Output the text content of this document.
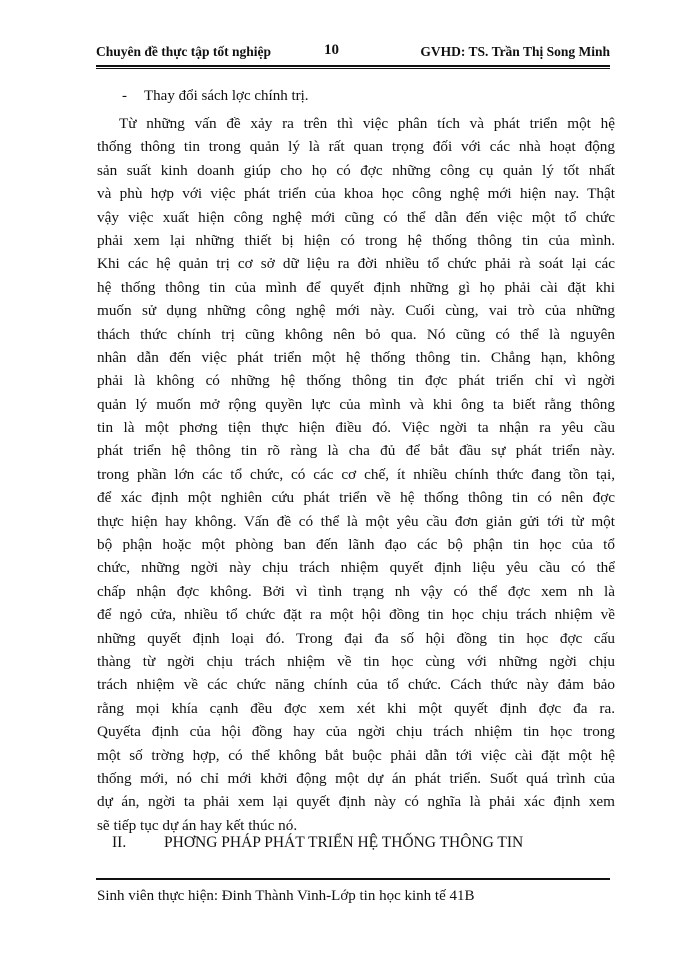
Chuyên đề thực tập tốt nghiệp	10	GVHD: TS. Trần Thị Song Minh
- Thay đổi sách lợc chính trị.
Từ những vấn đề xảy ra trên thì việc phân tích và phát triển một hệ
thống thông tin trong quản lý là rất quan trọng đối với các nhà hoạt động
sản suất kinh doanh giúp cho họ có đợc những công cụ quản lý tốt nhất
và phù hợp với việc phát triển của khoa học công nghệ mới hiện nay. Thật
vậy việc xuất hiện công nghệ mới cũng có thể dẫn đến việc một tổ chức
phải xem lại những thiết bị hiện có trong hệ thống thông tin của mình.
Khi các hệ quản trị cơ sở dữ liệu ra đời nhiều tổ chức phải rà soát lại các
hệ thống thông tin của mình để quyết định những gì họ phải cài đặt khi
muốn sử dụng những công nghệ mới này. Cuối cùng, vai trò của những
thách thức chính trị cũng không nên bỏ qua. Nó cũng có thể là nguyên
nhân dẫn đến việc phát triển một hệ thống thông tin. Chẳng hạn, không
phải là không có những hệ thống thông tin đợc phát triển chỉ vì ngời
quản lý muốn mở rộng quyền lực của mình và khi ông ta biết rằng thông
tin là một phơng tiện thực hiện điều đó. Việc ngời ta nhận ra yêu cầu
phát triển hệ thông tin rõ ràng là cha đủ để bắt đầu sự phát triển này.
trong phần lớn các tổ chức, có các cơ chế, ít nhiều chính thức đang tồn tại,
để xác định một nghiên cứu phát triển về hệ thống thông tin có nên đợc
thực hiện hay không. Vấn đề có thể là một yêu cầu đơn giản gửi tới từ một
bộ phận hoặc một phòng ban đến lãnh đạo các bộ phận tin học của tổ
chức, những ngời này chịu trách nhiệm quyết định liệu yêu cầu có thể
chấp nhận đợc không. Bởi vì tình trạng nh vậy có thể đợc xem nh là
để ngỏ cửa, nhiều tổ chức đặt ra một hội đồng tin học chịu trách nhiệm về
những quyết định loại đó. Trong đại đa số hội đồng tin học đợc cấu
thàng từ ngời chịu trách nhiệm về tin học cùng với những ngời chịu
trách nhiệm về các chức năng chính của tổ chức. Cách thức này đảm bảo
rằng mọi khía cạnh đều đợc xem xét khi một quyết định đợc đa ra.
Quyếta định của hội đồng hay của ngời chịu trách nhiệm tin học trong
một số trờng hợp, có thể không bắt buộc phải dẫn tới việc cài đặt một hệ
thống mới, nó chỉ mới khởi động một dự án phát triển. Suốt quá trình của
dự án, ngời ta phải xem lại quyết định này có nghĩa là phải xác định xem
sẽ tiếp tục dự án hay kết thúc nó.
II. PHƠNG PHÁP PHÁT TRIỂN HỆ THỐNG THÔNG TIN
Sinh viên thực hiện: Đinh Thành Vinh-Lớp tin học kinh tế 41B
